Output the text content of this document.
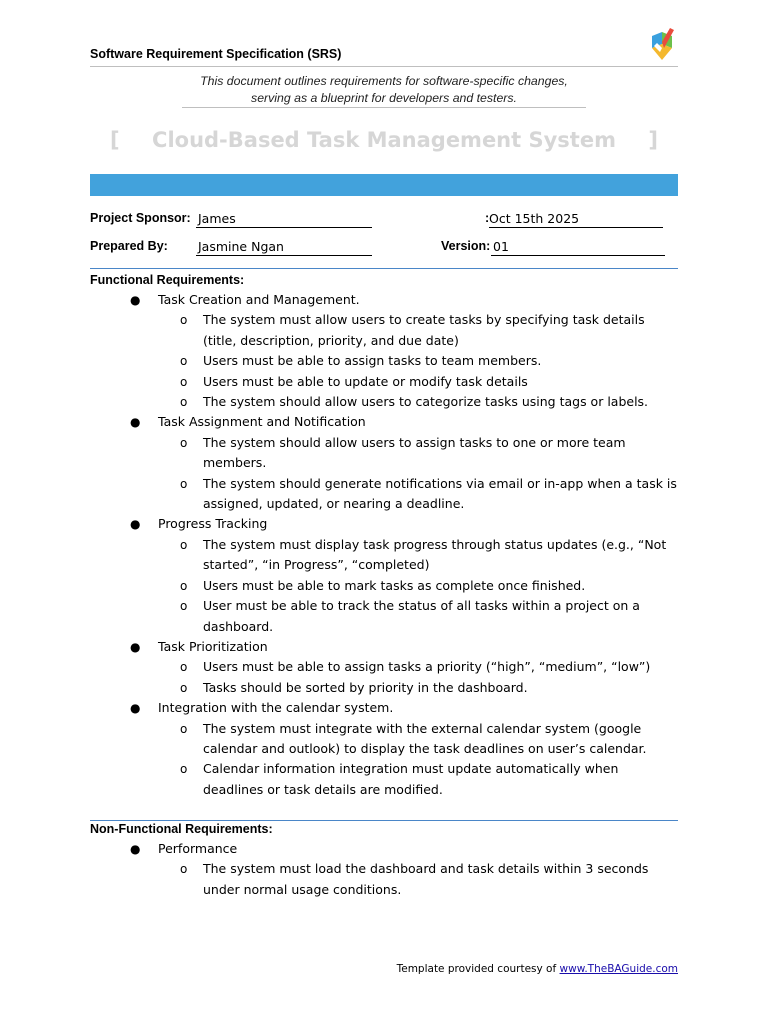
Software Requirement Specification (SRS)
This document outlines requirements for software-specific changes, serving as a blueprint for developers and testers.
[ Cloud-Based Task Management System ]
Project Sponsor: James	: Oct 15th 2025
Prepared By: Jasmine Ngan	Version: 01
Functional Requirements:
● Task Creation and Management.
o The system must allow users to create tasks by specifying task details (title, description, priority, and due date)
o Users must be able to assign tasks to team members.
o Users must be able to update or modify task details
o The system should allow users to categorize tasks using tags or labels.
● Task Assignment and Notification
o The system should allow users to assign tasks to one or more team members.
o The system should generate notifications via email or in-app when a task is assigned, updated, or nearing a deadline.
● Progress Tracking
o The system must display task progress through status updates (e.g., “Not started”, “in Progress”, “completed)
o Users must be able to mark tasks as complete once finished.
o User must be able to track the status of all tasks within a project on a dashboard.
● Task Prioritization
o Users must be able to assign tasks a priority (“high”, “medium”, “low”)
o Tasks should be sorted by priority in the dashboard.
● Integration with the calendar system.
o The system must integrate with the external calendar system (google calendar and outlook) to display the task deadlines on user’s calendar.
o Calendar information integration must update automatically when deadlines or task details are modified.
Non-Functional Requirements:
● Performance
o The system must load the dashboard and task details within 3 seconds under normal usage conditions.
Template provided courtesy of www.TheBAGuide.com
